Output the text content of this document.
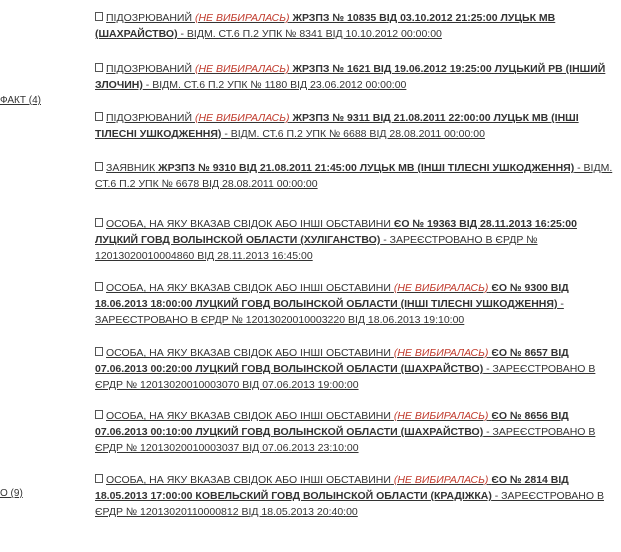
ФАКТ (4)
О (9)
ПІДОЗРЮВАНИЙ (НЕ ВИБИРАЛАСЬ) ЖРЗПЗ № 10835 ВІД 03.10.2012 21:25:00 ЛУЦЬК МВ (ШАХРАЙСТВО) - ВІДМ. СТ.6 П.2 УПК № 8341 ВІД 10.10.2012 00:00:00
ПІДОЗРЮВАНИЙ (НЕ ВИБИРАЛАСЬ) ЖРЗПЗ № 1621 ВІД 19.06.2012 19:25:00 ЛУЦЬКИЙ РВ (ІНШИЙ ЗЛОЧИН) - ВІДМ. СТ.6 П.2 УПК № 1180 ВІД 23.06.2012 00:00:00
ПІДОЗРЮВАНИЙ (НЕ ВИБИРАЛАСЬ) ЖРЗПЗ № 9311 ВІД 21.08.2011 22:00:00 ЛУЦЬК МВ (ІНШІ ТІЛЕСНІ УШКОДЖЕННЯ) - ВІДМ. СТ.6 П.2 УПК № 6688 ВІД 28.08.2011 00:00:00
ЗАЯВНИК ЖРЗПЗ № 9310 ВІД 21.08.2011 21:45:00 ЛУЦЬК МВ (ІНШІ ТІЛЕСНІ УШКОДЖЕННЯ) - ВІДМ. СТ.6 П.2 УПК № 6678 ВІД 28.08.2011 00:00:00
ОСОБА, НА ЯКУ ВКАЗАВ СВІДОК АБО ІНШІ ОБСТАВИНИ ЄО № 19363 ВІД 28.11.2013 16:25:00 ЛУЦКИЙ ГОВД ВОЛЫНСКОЙ ОБЛАСТИ (ХУЛІГАНСТВО) - ЗАРЕЄСТРОВАНО В ЄРДР № 12013020010004860 ВІД 28.11.2013 16:45:00
ОСОБА, НА ЯКУ ВКАЗАВ СВІДОК АБО ІНШІ ОБСТАВИНИ (НЕ ВИБИРАЛАСЬ) ЄО № 9300 ВІД 18.06.2013 18:00:00 ЛУЦКИЙ ГОВД ВОЛЫНСКОЙ ОБЛАСТИ (ІНШІ ТІЛЕСНІ УШКОДЖЕННЯ) - ЗАРЕЄСТРОВАНО В ЄРДР № 12013020010003220 ВІД 18.06.2013 19:10:00
ОСОБА, НА ЯКУ ВКАЗАВ СВІДОК АБО ІНШІ ОБСТАВИНИ (НЕ ВИБИРАЛАСЬ) ЄО № 8657 ВІД 07.06.2013 00:20:00 ЛУЦКИЙ ГОВД ВОЛЫНСКОЙ ОБЛАСТИ (ШАХРАЙСТВО) - ЗАРЕЄСТРОВАНО В ЄРДР № 12013020010003070 ВІД 07.06.2013 19:00:00
ОСОБА, НА ЯКУ ВКАЗАВ СВІДОК АБО ІНШІ ОБСТАВИНИ (НЕ ВИБИРАЛАСЬ) ЄО № 8656 ВІД 07.06.2013 00:10:00 ЛУЦКИЙ ГОВД ВОЛЫНСКОЙ ОБЛАСТИ (ШАХРАЙСТВО) - ЗАРЕЄСТРОВАНО В ЄРДР № 12013020010003037 ВІД 07.06.2013 23:10:00
ОСОБА, НА ЯКУ ВКАЗАВ СВІДОК АБО ІНШІ ОБСТАВИНИ (НЕ ВИБИРАЛАСЬ) ЄО № 2814 ВІД 18.05.2013 17:00:00 КОВЕЛЬСКИЙ ГОВД ВОЛЫНСКОЙ ОБЛАСТИ (КРАДІЖКА) - ЗАРЕЄСТРОВАНО В ЄРДР № 12013020110000812 ВІД 18.05.2013 20:40:00
